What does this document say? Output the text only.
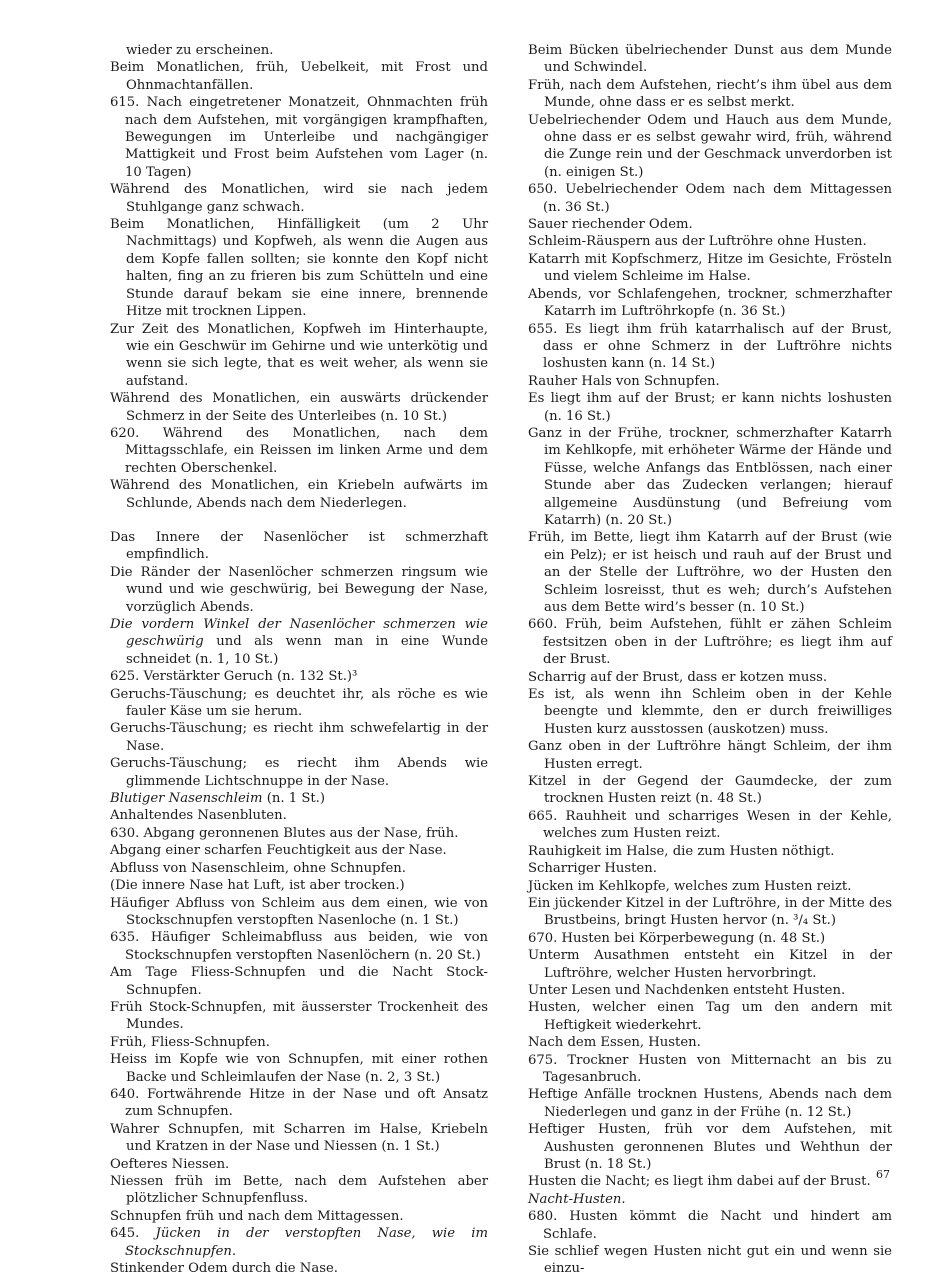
wieder zu erscheinen.
Beim Monatlichen, früh, Uebelkeit, mit Frost und Ohnmachtanfällen.
615. Nach eingetretener Monatzeit, Ohnmachten früh nach dem Aufstehen, mit vorgängigen krampfhaften, Bewegungen im Unterleibe und nachgängiger Mattigkeit und Frost beim Aufstehen vom Lager (n. 10 Tagen)
Während des Monatlichen, wird sie nach jedem Stuhlgange ganz schwach.
Beim Monatlichen, Hinfälligkeit (um 2 Uhr Nachmittags) und Kopfweh, als wenn die Augen aus dem Kopfe fallen sollten; sie konnte den Kopf nicht halten, fing an zu frieren bis zum Schütteln und eine Stunde darauf bekam sie eine innere, brennende Hitze mit trocknen Lippen.
Zur Zeit des Monatlichen, Kopfweh im Hinterhaupte, wie ein Geschwür im Gehirne und wie unterkötig und wenn sie sich legte, that es weit weher, als wenn sie aufstand.
Während des Monatlichen, ein auswärts drückender Schmerz in der Seite des Unterleibes (n. 10 St.)
620. Während des Monatlichen, nach dem Mittagsschlafe, ein Reissen im linken Arme und dem rechten Oberschenkel.
Während des Monatlichen, ein Kriebeln aufwärts im Schlunde, Abends nach dem Niederlegen.
Das Innere der Nasenlöcher ist schmerzhaft empfindlich.
Die Ränder der Nasenlöcher schmerzen ringsum wie wund und wie geschwürig, bei Bewegung der Nase, vorzüglich Abends.
Die vordern Winkel der Nasenlöcher schmerzen wie geschwürig und als wenn man in eine Wunde schneidet (n. 1, 10 St.)
625. Verstärkter Geruch (n. 132 St.)³
Geruchs-Täuschung; es deuchtet ihr, als röche es wie fauler Käse um sie herum.
Geruchs-Täuschung; es riecht ihm schwefelartig in der Nase.
Geruchs-Täuschung; es riecht ihm Abends wie glimmende Lichtschnuppe in der Nase.
Blutiger Nasenschleim (n. 1 St.)
Anhaltendes Nasenbluten.
630. Abgang geronnenen Blutes aus der Nase, früh.
Abgang einer scharfen Feuchtigkeit aus der Nase.
Abfluss von Nasenschleim, ohne Schnupfen.
(Die innere Nase hat Luft, ist aber trocken.)
Häufiger Abfluss von Schleim aus dem einen, wie von Stockschnupfen verstopften Nasenloche (n. 1 St.)
635. Häufiger Schleimabfluss aus beiden, wie von Stockschnupfen verstopften Nasenlöchern (n. 20 St.)
Am Tage Fliess-Schnupfen und die Nacht Stock-Schnupfen.
Früh Stock-Schnupfen, mit äusserster Trockenheit des Mundes.
Früh, Fliess-Schnupfen.
Heiss im Kopfe wie von Schnupfen, mit einer rothen Backe und Schleimlaufen der Nase (n. 2, 3 St.)
640. Fortwährende Hitze in der Nase und oft Ansatz zum Schnupfen.
Wahrer Schnupfen, mit Scharren im Halse, Kriebeln und Kratzen in der Nase und Niessen (n. 1 St.)
Oefteres Niessen.
Niessen früh im Bette, nach dem Aufstehen aber plötzlicher Schnupfenfluss.
Schnupfen früh und nach dem Mittagessen.
645. Jücken in der verstopften Nase, wie im Stockschnupfen.
Stinkender Odem durch die Nase.
Beim Bücken übelriechender Dunst aus dem Munde und Schwindel.
Früh, nach dem Aufstehen, riecht’s ihm übel aus dem Munde, ohne dass er es selbst merkt.
Uebelriechender Odem und Hauch aus dem Munde, ohne dass er es selbst gewahr wird, früh, während die Zunge rein und der Geschmack unverdorben ist (n. einigen St.)
650. Uebelriechender Odem nach dem Mittagessen (n. 36 St.)
Sauer riechender Odem.
Schleim-Räuspern aus der Luftröhre ohne Husten.
Katarrh mit Kopfschmerz, Hitze im Gesichte, Frösteln und vielem Schleime im Halse.
Abends, vor Schlafengehen, trockner, schmerzhafter Katarrh im Luftröhrkopfe (n. 36 St.)
655. Es liegt ihm früh katarrhalisch auf der Brust, dass er ohne Schmerz in der Luftröhre nichts loshusten kann (n. 14 St.)
Rauher Hals von Schnupfen.
Es liegt ihm auf der Brust; er kann nichts loshusten (n. 16 St.)
Ganz in der Frühe, trockner, schmerzhafter Katarrh im Kehlkopfe, mit erhöheter Wärme der Hände und Füsse, welche Anfangs das Entblössen, nach einer Stunde aber das Zudecken verlangen; hierauf allgemeine Ausdünstung (und Befreiung vom Katarrh) (n. 20 St.)
Früh, im Bette, liegt ihm Katarrh auf der Brust (wie ein Pelz); er ist heisch und rauh auf der Brust und an der Stelle der Luftröhre, wo der Husten den Schleim losreisst, thut es weh; durch’s Aufstehen aus dem Bette wird’s besser (n. 10 St.)
660. Früh, beim Aufstehen, fühlt er zähen Schleim festsitzen oben in der Luftröhre; es liegt ihm auf der Brust.
Scharrig auf der Brust, dass er kotzen muss.
Es ist, als wenn ihn Schleim oben in der Kehle beengte und klemmte, den er durch freiwilliges Husten kurz ausstossen (auskotzen) muss.
Ganz oben in der Luftröhre hängt Schleim, der ihm Husten erregt.
Kitzel in der Gegend der Gaumdecke, der zum trocknen Husten reizt (n. 48 St.)
665. Rauhheit und scharriges Wesen in der Kehle, welches zum Husten reizt.
Rauhigkeit im Halse, die zum Husten nöthigt.
Scharriger Husten.
Jücken im Kehlkopfe, welches zum Husten reizt.
Ein jückender Kitzel in der Luftröhre, in der Mitte des Brustbeins, bringt Husten hervor (n. ³/₄ St.)
670. Husten bei Körperbewegung (n. 48 St.)
Unterm Ausathmen entsteht ein Kitzel in der Luftröhre, welcher Husten hervorbringt.
Unter Lesen und Nachdenken entsteht Husten.
Husten, welcher einen Tag um den andern mit Heftigkeit wiederkehrt.
Nach dem Essen, Husten.
675. Trockner Husten von Mitternacht an bis zu Tagesanbruch.
Heftige Anfälle trocknen Hustens, Abends nach dem Niederlegen und ganz in der Frühe (n. 12 St.)
Heftiger Husten, früh vor dem Aufstehen, mit Aushusten geronnenen Blutes und Wehthun der Brust (n. 18 St.)
Husten die Nacht; es liegt ihm dabei auf der Brust.
Nacht-Husten.
680. Husten kömmt die Nacht und hindert am Schlafe.
Sie schlief wegen Husten nicht gut ein und wenn sie einzu-
67
